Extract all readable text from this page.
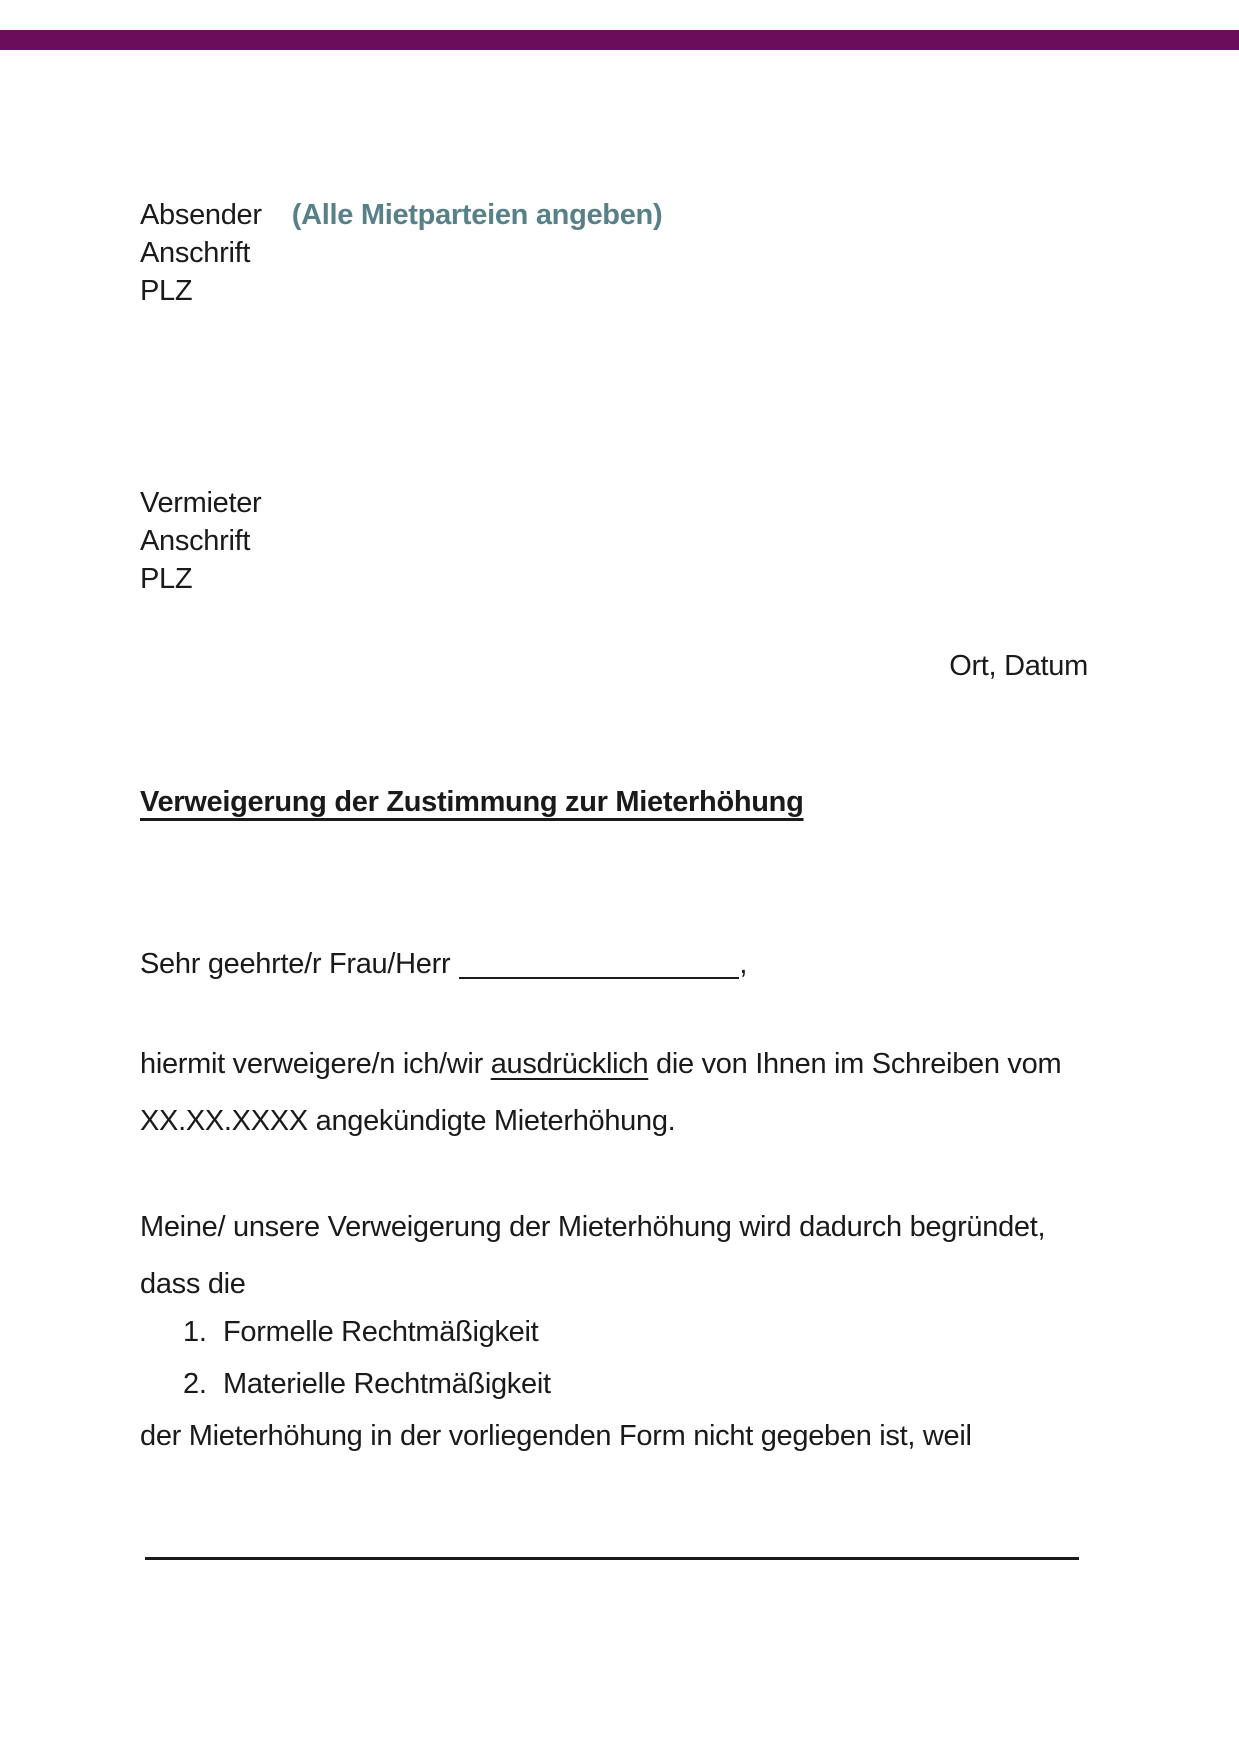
Absender (Alle Mietparteien angeben)
Anschrift
PLZ
Vermieter
Anschrift
PLZ
Ort, Datum
Verweigerung der Zustimmung zur Mieterhöhung
Sehr geehrte/r Frau/Herr	,
hiermit verweigere/n ich/wir ausdrücklich die von Ihnen im Schreiben vom
XX.XX.XXXX angekündigte Mieterhöhung.
Meine/ unsere Verweigerung der Mieterhöhung wird dadurch begründet,
dass die
1. Formelle Rechtmäßigkeit
2. Materielle Rechtmäßigkeit
der Mieterhöhung in der vorliegenden Form nicht gegeben ist, weil
